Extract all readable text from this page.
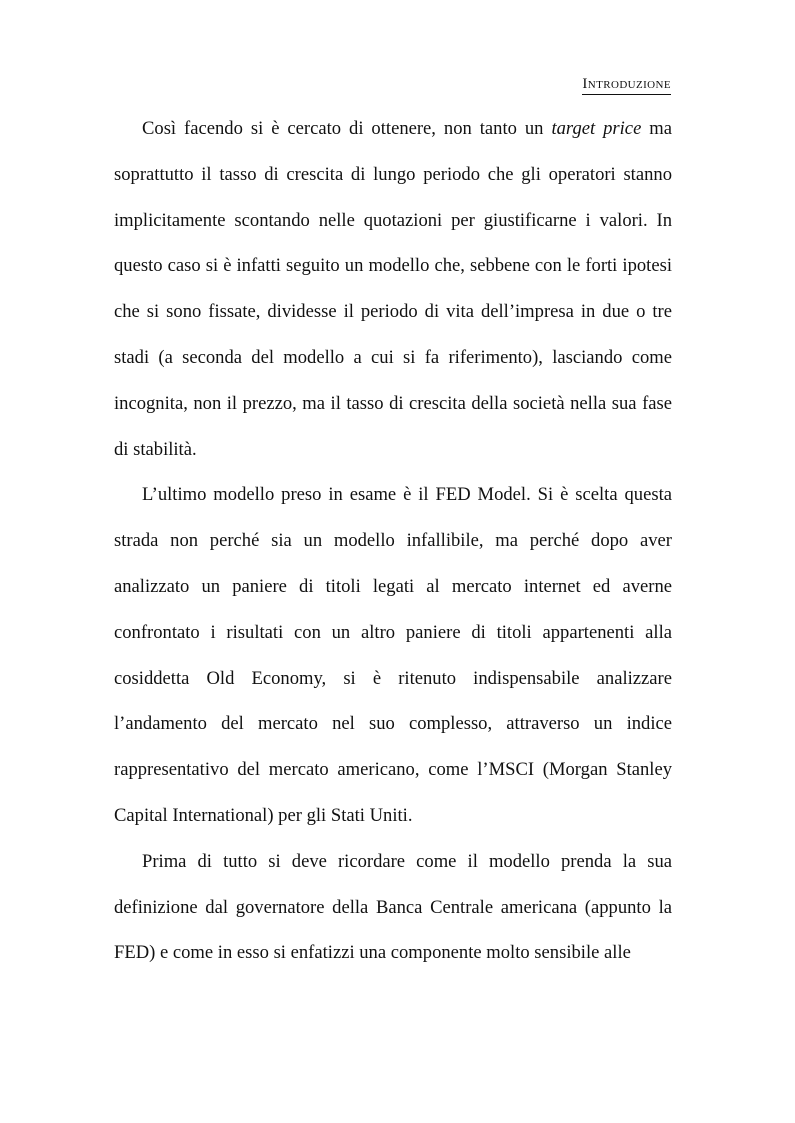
Introduzione

Così facendo si è cercato di ottenere, non tanto un target price ma soprattutto il tasso di crescita di lungo periodo che gli operatori stanno implicitamente scontando nelle quotazioni per giustificarne i valori. In questo caso si è infatti seguito un modello che, sebbene con le forti ipotesi che si sono fissate, dividesse il periodo di vita dell’impresa in due o tre stadi (a seconda del modello a cui si fa riferimento), lasciando come incognita, non il prezzo, ma il tasso di crescita della società nella sua fase di stabilità.

L’ultimo modello preso in esame è il FED Model. Si è scelta questa strada non perché sia un modello infallibile, ma perché dopo aver analizzato un paniere di titoli legati al mercato internet ed averne confrontato i risultati con un altro paniere di titoli appartenenti alla cosiddetta Old Economy, si è ritenuto indispensabile analizzare l’andamento del mercato nel suo complesso, attraverso un indice rappresentativo del mercato americano, come l’MSCI (Morgan Stanley Capital International) per gli Stati Uniti.

Prima di tutto si deve ricordare come il modello prenda la sua definizione dal governatore della Banca Centrale americana (appunto la FED) e come in esso si enfatizzi una componente molto sensibile alle
